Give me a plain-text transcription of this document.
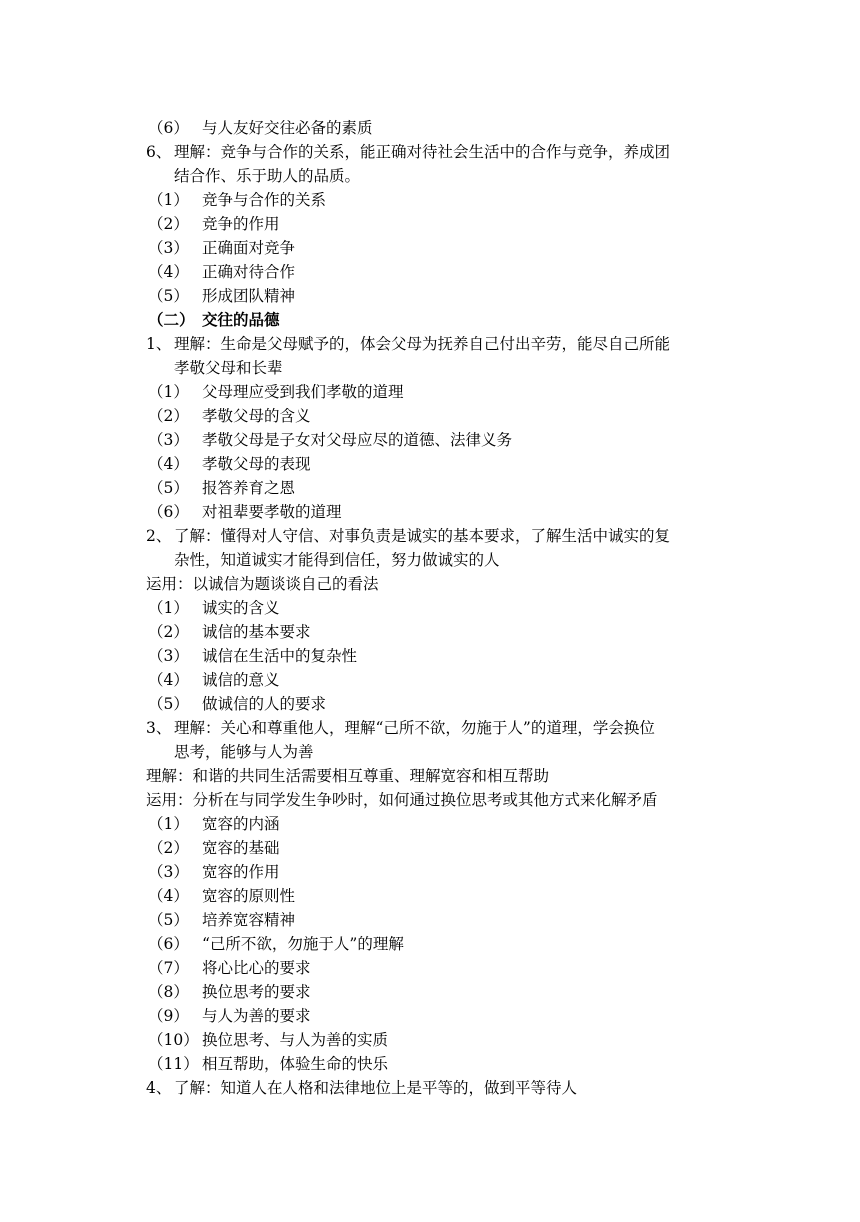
（6） 与人友好交往必备的素质
6、 理解：竞争与合作的关系，能正确对待社会生活中的合作与竞争，养成团
结合作、乐于助人的品质。
（1） 竞争与合作的关系
（2） 竞争的作用
（3） 正确面对竞争
（4） 正确对待合作
（5） 形成团队精神
（二） 交往的品德
1、 理解：生命是父母赋予的，体会父母为抚养自己付出辛劳，能尽自己所能
孝敬父母和长辈
（1） 父母理应受到我们孝敬的道理
（2） 孝敬父母的含义
（3） 孝敬父母是子女对父母应尽的道德、法律义务
（4） 孝敬父母的表现
（5） 报答养育之恩
（6） 对祖辈要孝敬的道理
2、 了解：懂得对人守信、对事负责是诚实的基本要求，了解生活中诚实的复
杂性，知道诚实才能得到信任，努力做诚实的人
运用：以诚信为题谈谈自己的看法
（1） 诚实的含义
（2） 诚信的基本要求
（3） 诚信在生活中的复杂性
（4） 诚信的意义
（5） 做诚信的人的要求
3、 理解：关心和尊重他人，理解“己所不欲，勿施于人”的道理，学会换位
思考，能够与人为善
理解：和谐的共同生活需要相互尊重、理解宽容和相互帮助
运用：分析在与同学发生争吵时，如何通过换位思考或其他方式来化解矛盾
（1） 宽容的内涵
（2） 宽容的基础
（3） 宽容的作用
（4） 宽容的原则性
（5） 培养宽容精神
（6） “己所不欲，勿施于人”的理解
（7） 将心比心的要求
（8） 换位思考的要求
（9） 与人为善的要求
（10） 换位思考、与人为善的实质
（11） 相互帮助，体验生命的快乐
4、 了解：知道人在人格和法律地位上是平等的，做到平等待人
